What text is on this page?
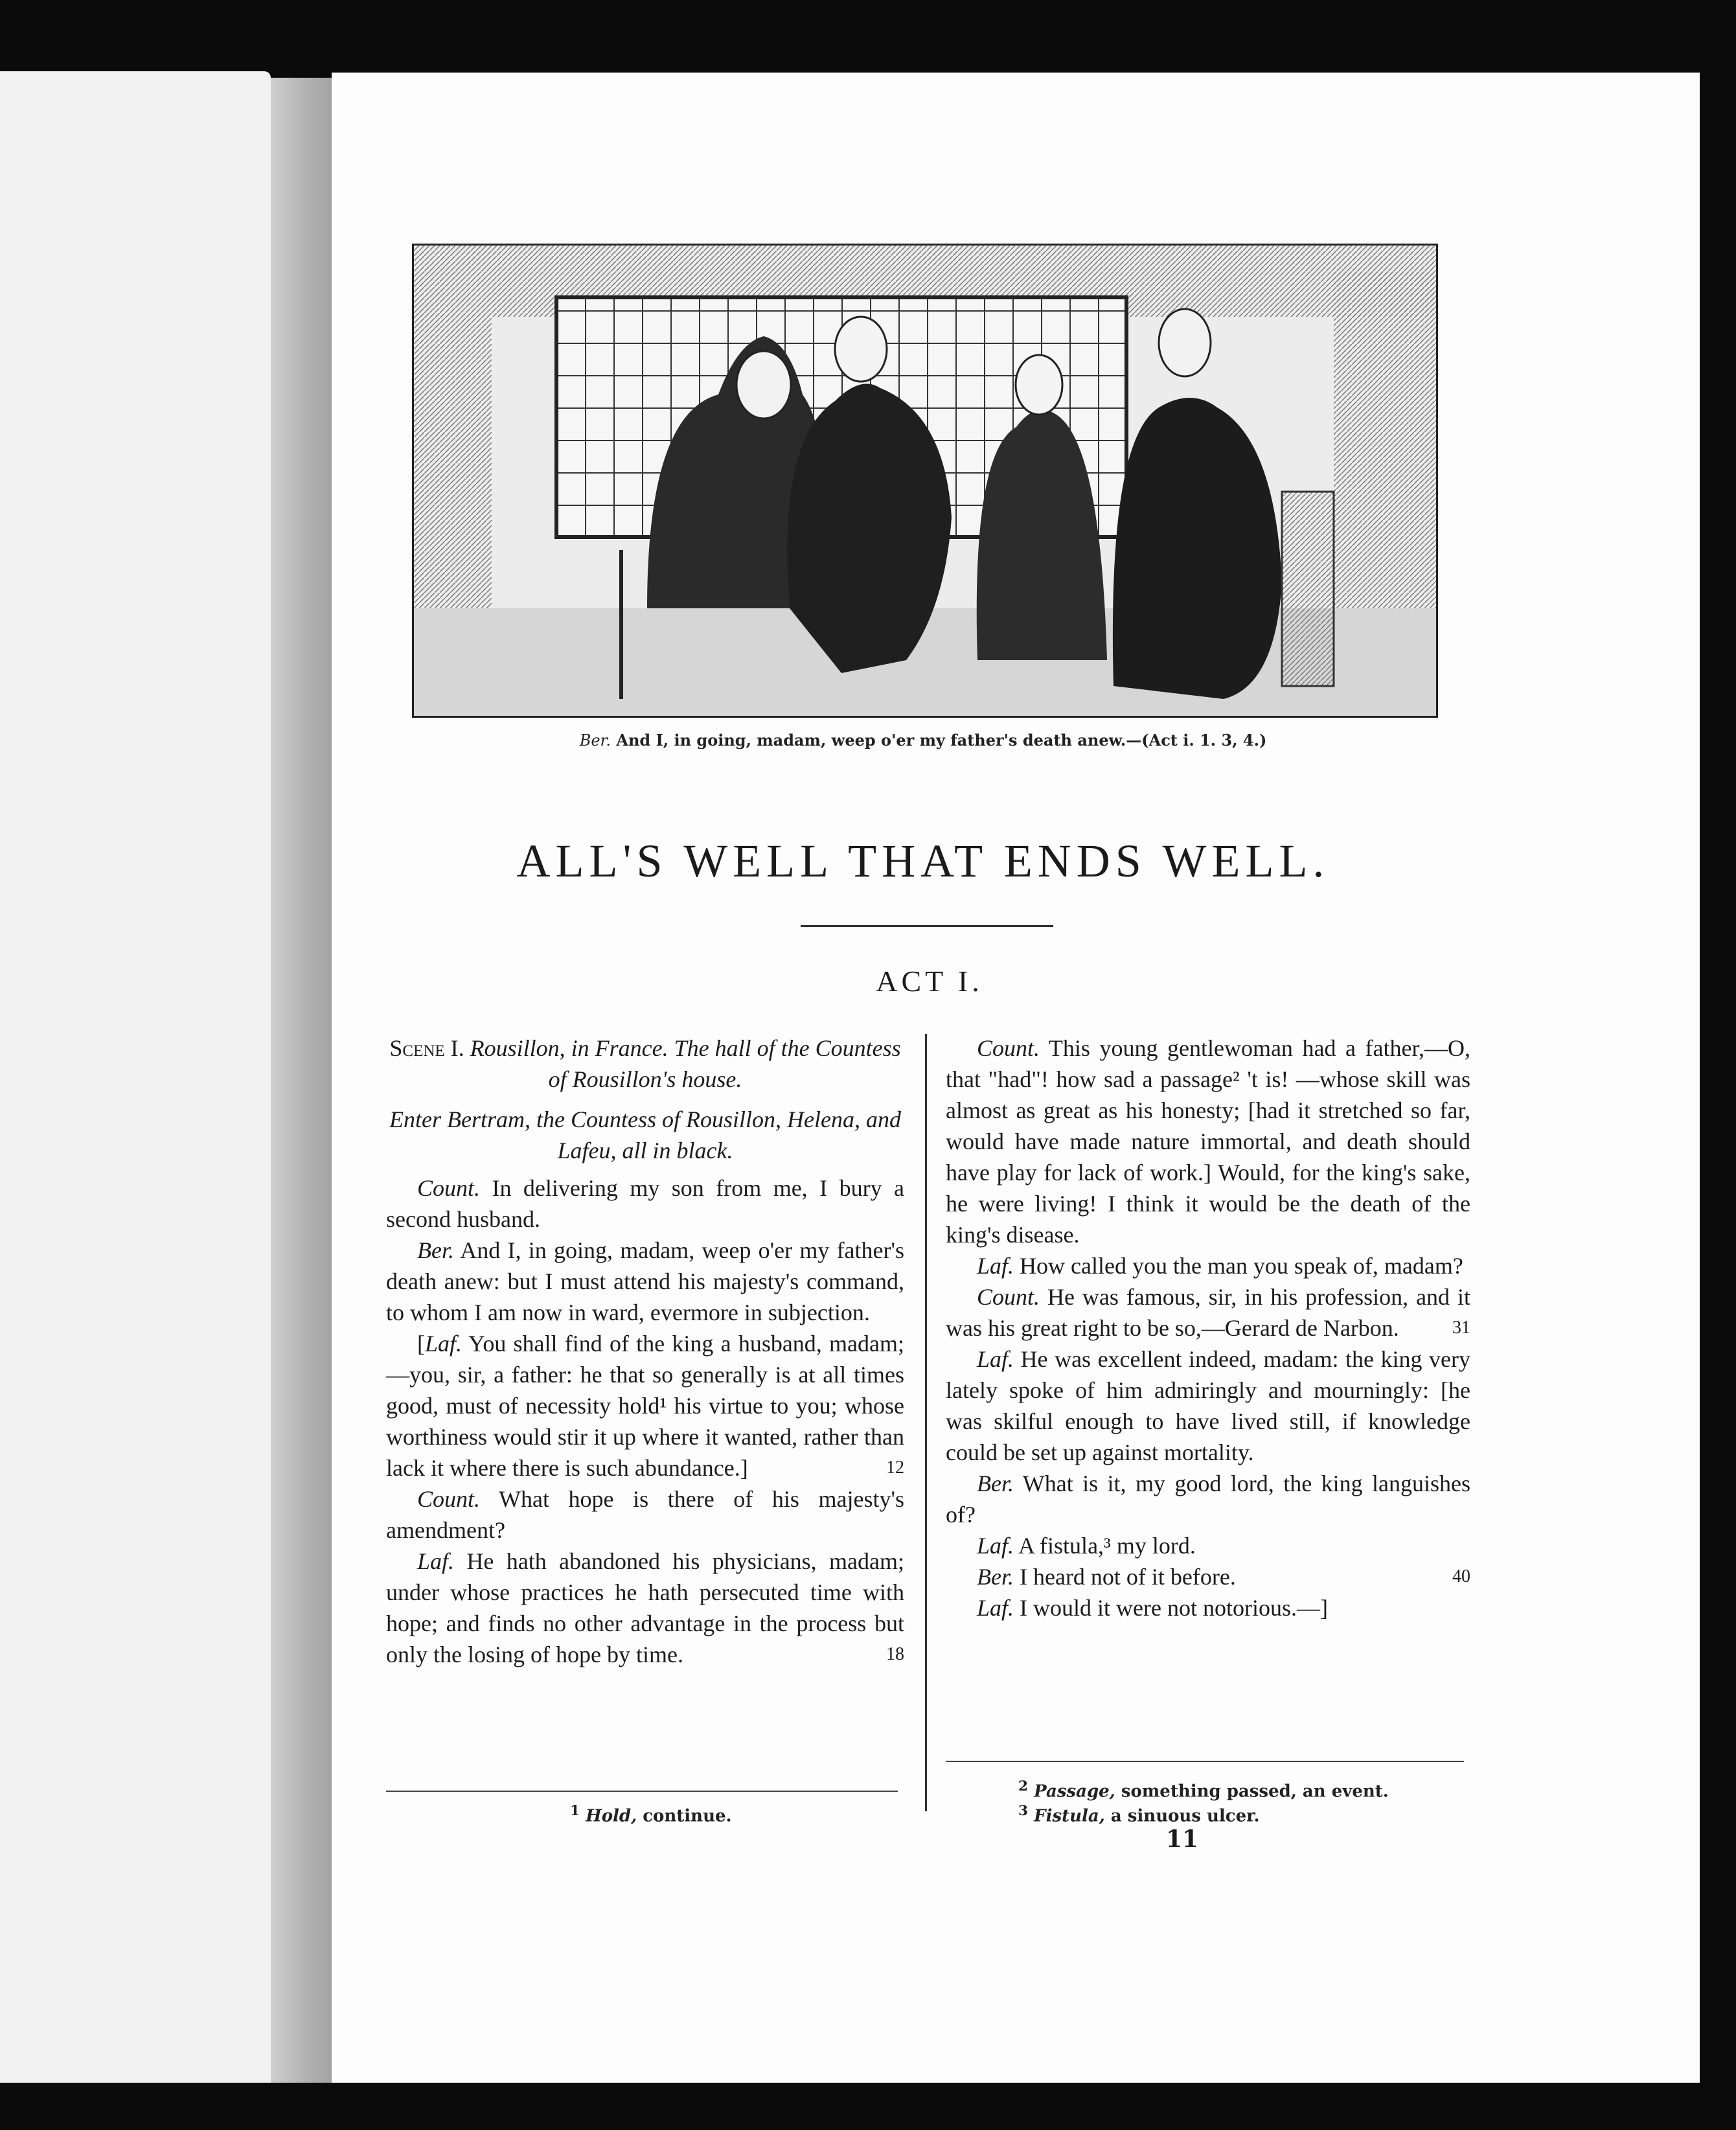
Ber. And I, in going, madam, weep o'er my father's death anew.—(Act i. 1. 3, 4.)
ALL'S WELL THAT ENDS WELL.
ACT I.

Scene I. Rousillon, in France. The hall of the Countess of Rousillon's house.

Enter Bertram, the Countess of Rousillon, Helena, and Lafeu, all in black.

Count. In delivering my son from me, I bury a second husband.

Ber. And I, in going, madam, weep o'er my father's death anew: but I must attend his majesty's command, to whom I am now in ward, evermore in subjection.

[Laf. You shall find of the king a husband, madam;—you, sir, a father: he that so generally is at all times good, must of necessity hold¹ his virtue to you; whose worthiness would stir it up where it wanted, rather than lack it where there is such abundance.]	12

Count. What hope is there of his majesty's amendment?

Laf. He hath abandoned his physicians, madam; under whose practices he hath persecuted time with hope; and finds no other advantage in the process but only the losing of hope by time.	18

Count. This young gentlewoman had a father,—O, that "had"! how sad a passage² 't is! —whose skill was almost as great as his honesty; [had it stretched so far, would have made nature immortal, and death should have play for lack of work.] Would, for the king's sake, he were living! I think it would be the death of the king's disease.

Laf. How called you the man you speak of, madam?

Count. He was famous, sir, in his profession, and it was his great right to be so,—Gerard de Narbon.	31

Laf. He was excellent indeed, madam: the king very lately spoke of him admiringly and mourningly: [he was skilful enough to have lived still, if knowledge could be set up against mortality.

Ber. What is it, my good lord, the king languishes of?

Laf. A fistula,³ my lord.

Ber. I heard not of it before.	40

Laf. I would it were not notorious.—]

$^1$ Hold, continue.
$^2$ Passage, something passed, an event.
$^3$ Fistula, a sinuous ulcer.
11
